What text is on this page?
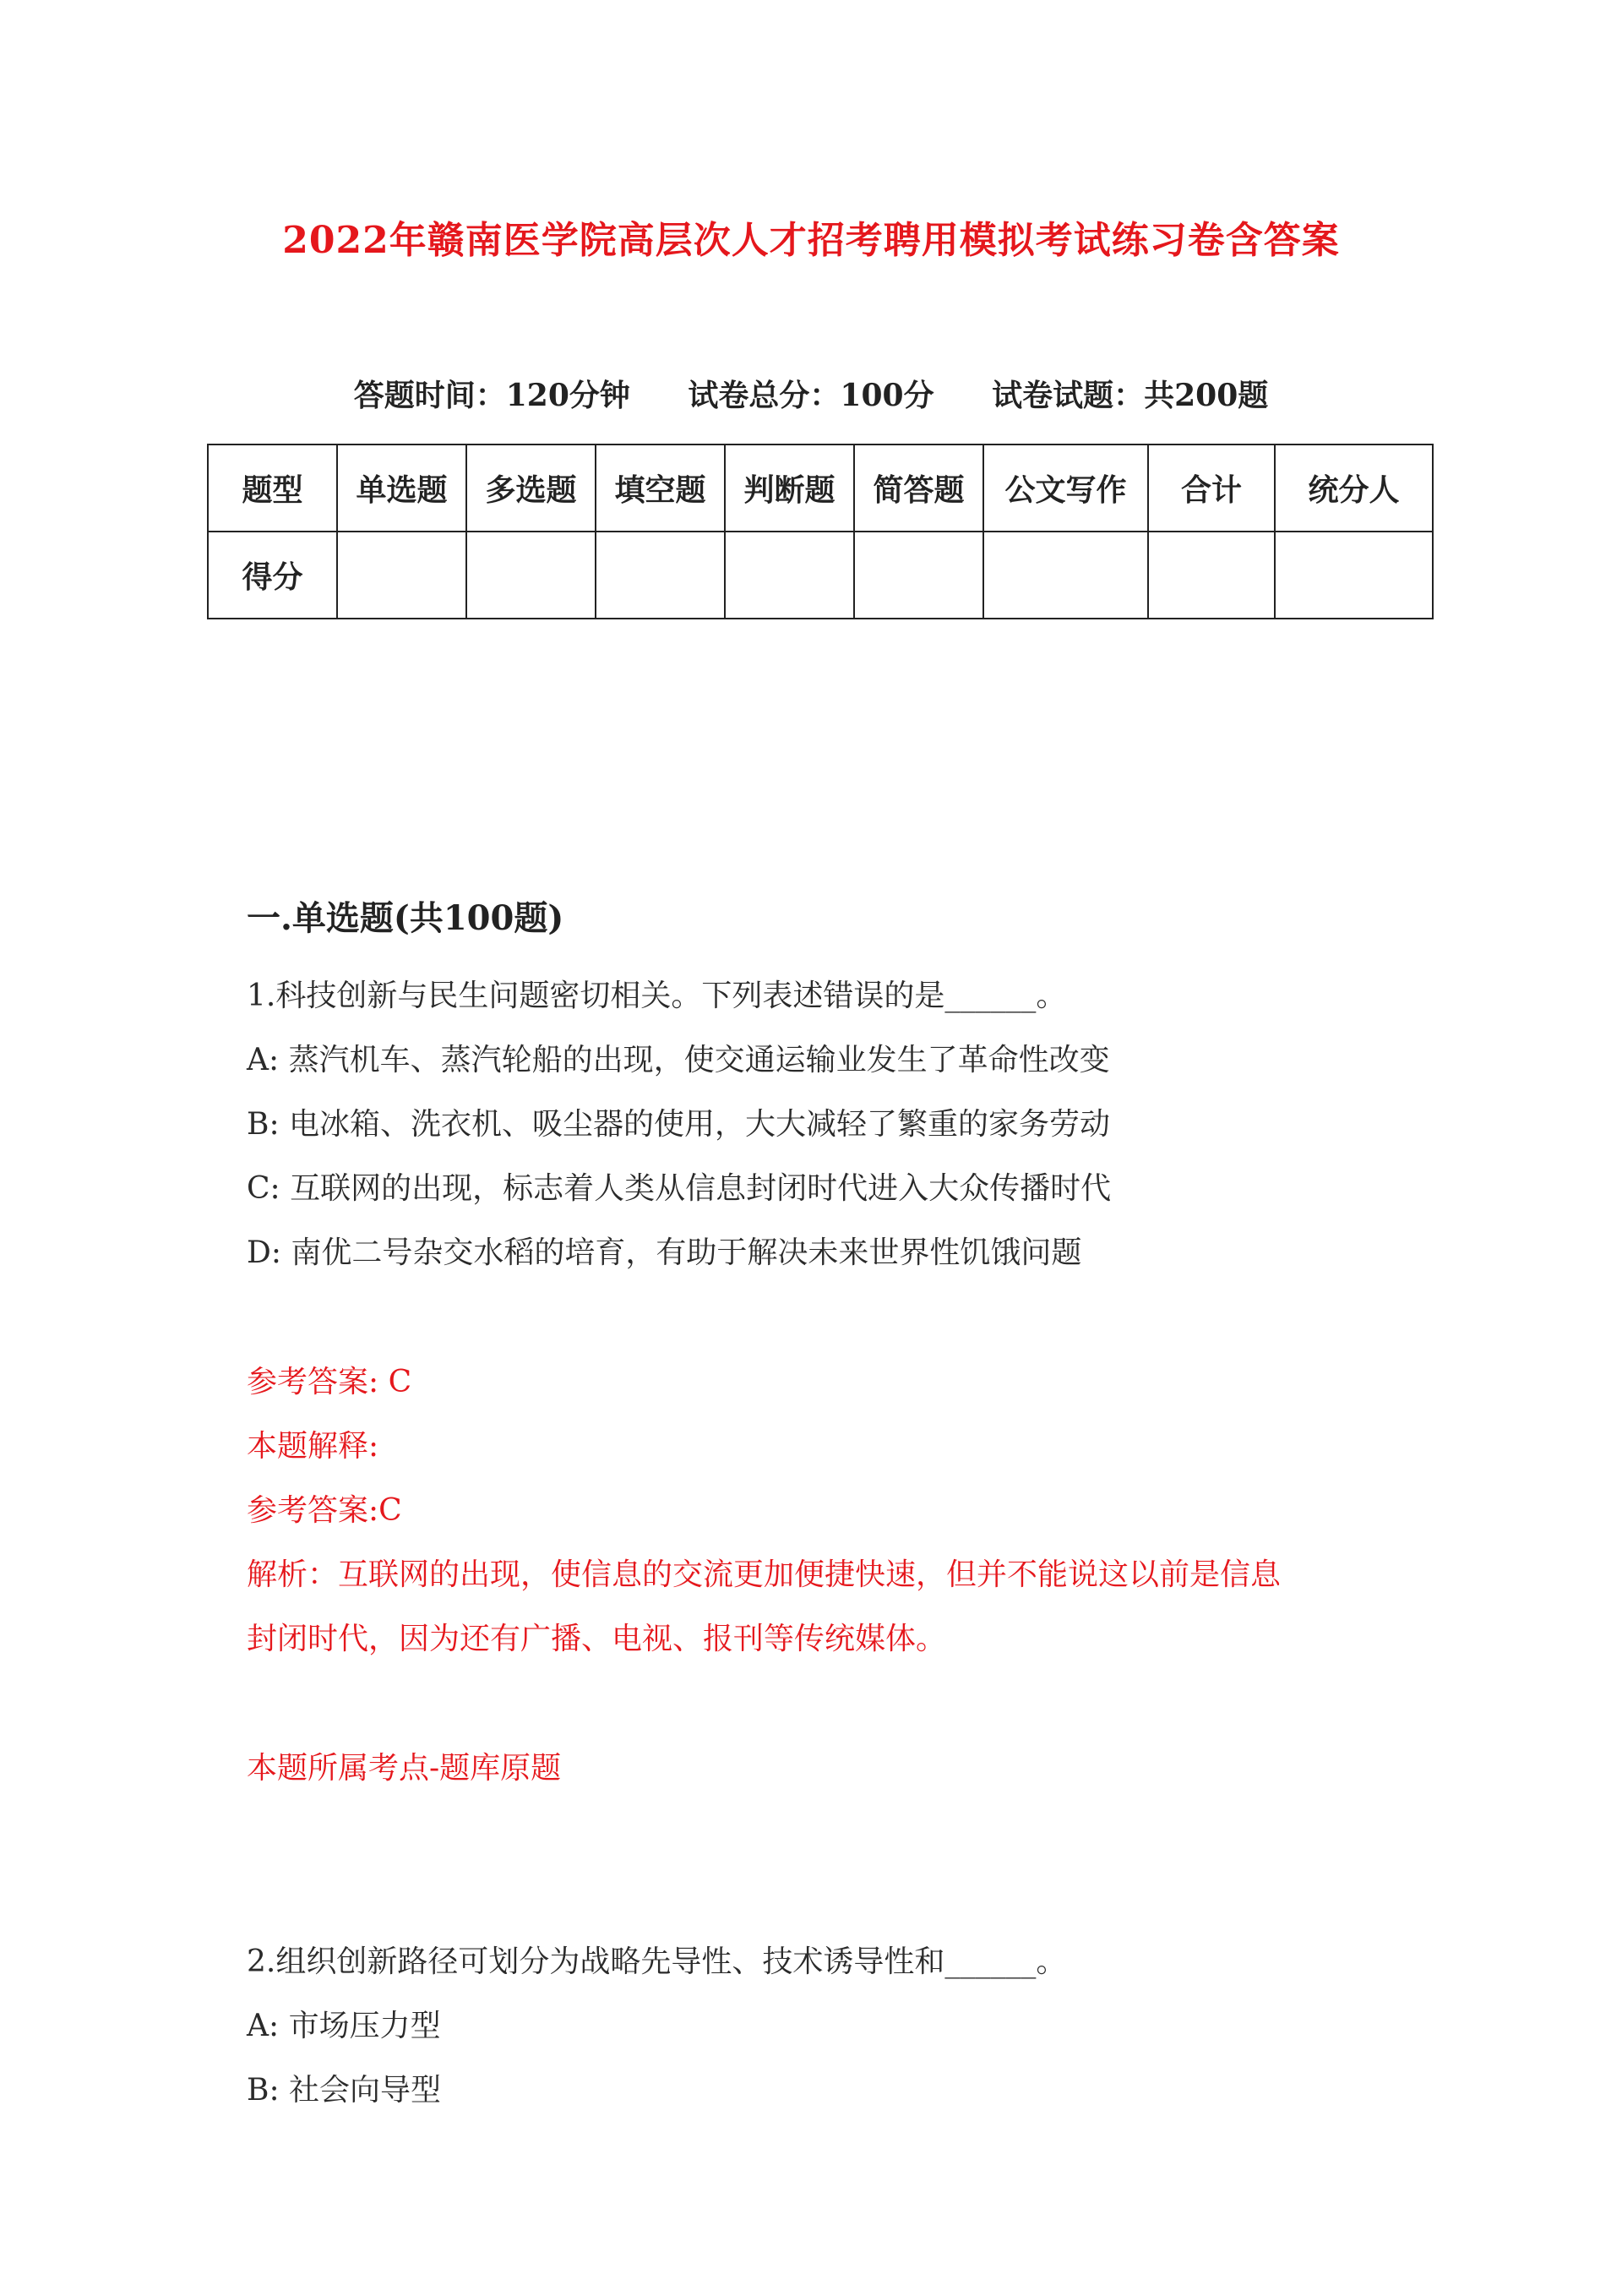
2022年赣南医学院高层次人才招考聘用模拟考试练习卷含答案
答题时间：120分钟 试卷总分：100分 试卷试题：共200题
题型	单选题	多选题	填空题	判断题	简答题	公文写作	合计	统分人
得分								
一.单选题(共100题)
1.科技创新与民生问题密切相关。下列表述错误的是______。
A: 蒸汽机车、蒸汽轮船的出现，使交通运输业发生了革命性改变
B: 电冰箱、洗衣机、吸尘器的使用，大大减轻了繁重的家务劳动
C: 互联网的出现，标志着人类从信息封闭时代进入大众传播时代
D: 南优二号杂交水稻的培育，有助于解决未来世界性饥饿问题
参考答案: C
本题解释:
参考答案:C
解析：互联网的出现，使信息的交流更加便捷快速，但并不能说这以前是信息
封闭时代，因为还有广播、电视、报刊等传统媒体。
本题所属考点-题库原题
2.组织创新路径可划分为战略先导性、技术诱导性和______。
A: 市场压力型
B: 社会向导型
